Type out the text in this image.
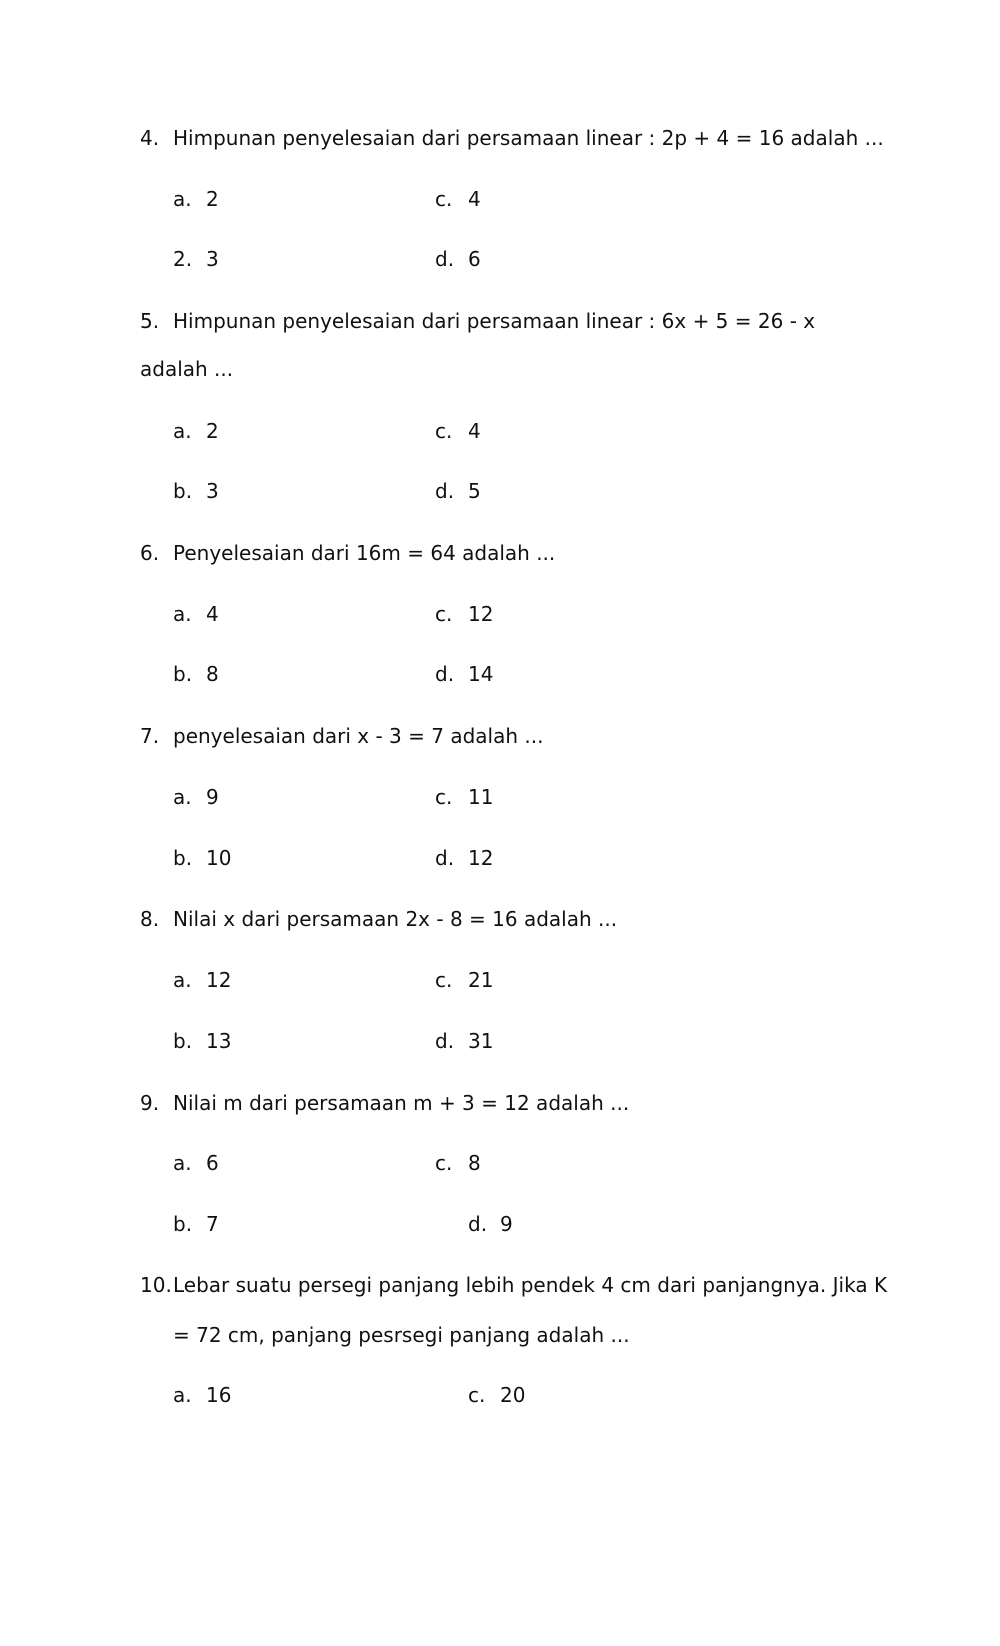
4. Himpunan penyelesaian dari persamaan linear : 2p + 4 = 16 adalah ...
a. 2	c. 4
2. 3	d. 6
5. Himpunan penyelesaian dari persamaan linear : 6x + 5 = 26 - x
adalah ...
a. 2	c. 4
b. 3	d. 5
6. Penyelesaian dari 16m = 64 adalah ...
a. 4	c. 12
b. 8	d. 14
7. penyelesaian dari x - 3 = 7 adalah ...
a. 9	c. 11
b. 10	d. 12
8. Nilai x dari persamaan 2x - 8 = 16 adalah ...
a. 12	c. 21
b. 13	d. 31
9. Nilai m dari persamaan m + 3 = 12 adalah ...
a. 6	c. 8
b. 7	d. 9
10. Lebar suatu persegi panjang lebih pendek 4 cm dari panjangnya. Jika K
= 72 cm, panjang pesrsegi panjang adalah ...
a. 16	c. 20
